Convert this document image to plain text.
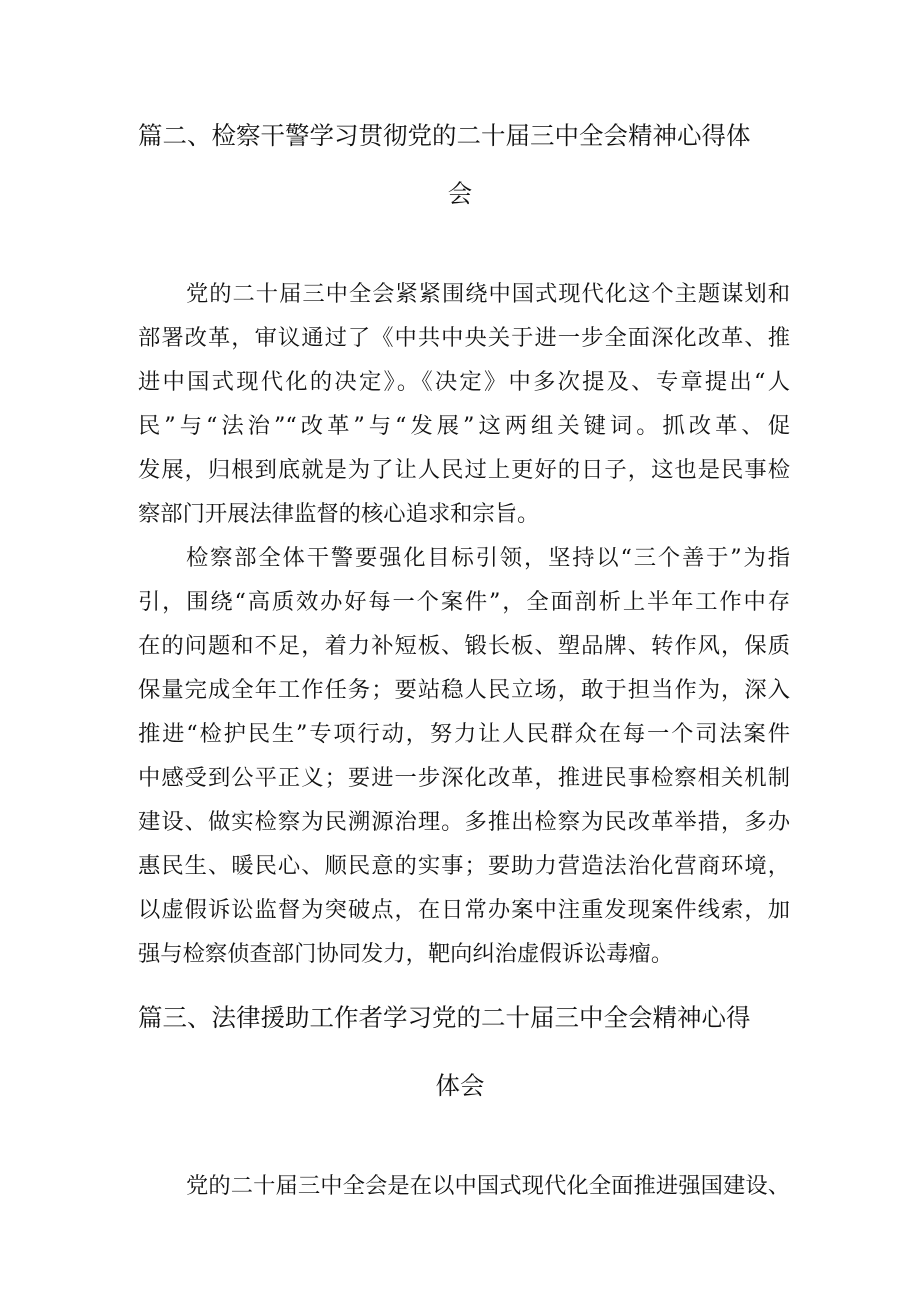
篇二、检察干警学习贯彻党的二十届三中全会精神心得体
会
党的二十届三中全会紧紧围绕中国式现代化这个主题谋划和
部署改革，审议通过了《中共中央关于进一步全面深化改革、推
进中国式现代化的决定》。《决定》中多次提及、专章提出“人
民”与“法治”“改革”与“发展”这两组关键词。抓改革、促
发展，归根到底就是为了让人民过上更好的日子，这也是民事检
察部门开展法律监督的核心追求和宗旨。
检察部全体干警要强化目标引领，坚持以“三个善于”为指
引，围绕“高质效办好每一个案件”，全面剖析上半年工作中存
在的问题和不足，着力补短板、锻长板、塑品牌、转作风，保质
保量完成全年工作任务；要站稳人民立场，敢于担当作为，深入
推进“检护民生”专项行动，努力让人民群众在每一个司法案件
中感受到公平正义；要进一步深化改革，推进民事检察相关机制
建设、做实检察为民溯源治理。多推出检察为民改革举措，多办
惠民生、暖民心、顺民意的实事；要助力营造法治化营商环境，
以虚假诉讼监督为突破点，在日常办案中注重发现案件线索，加
强与检察侦查部门协同发力，靶向纠治虚假诉讼毒瘤。
篇三、法律援助工作者学习党的二十届三中全会精神心得
体会
党的二十届三中全会是在以中国式现代化全面推进强国建设、
